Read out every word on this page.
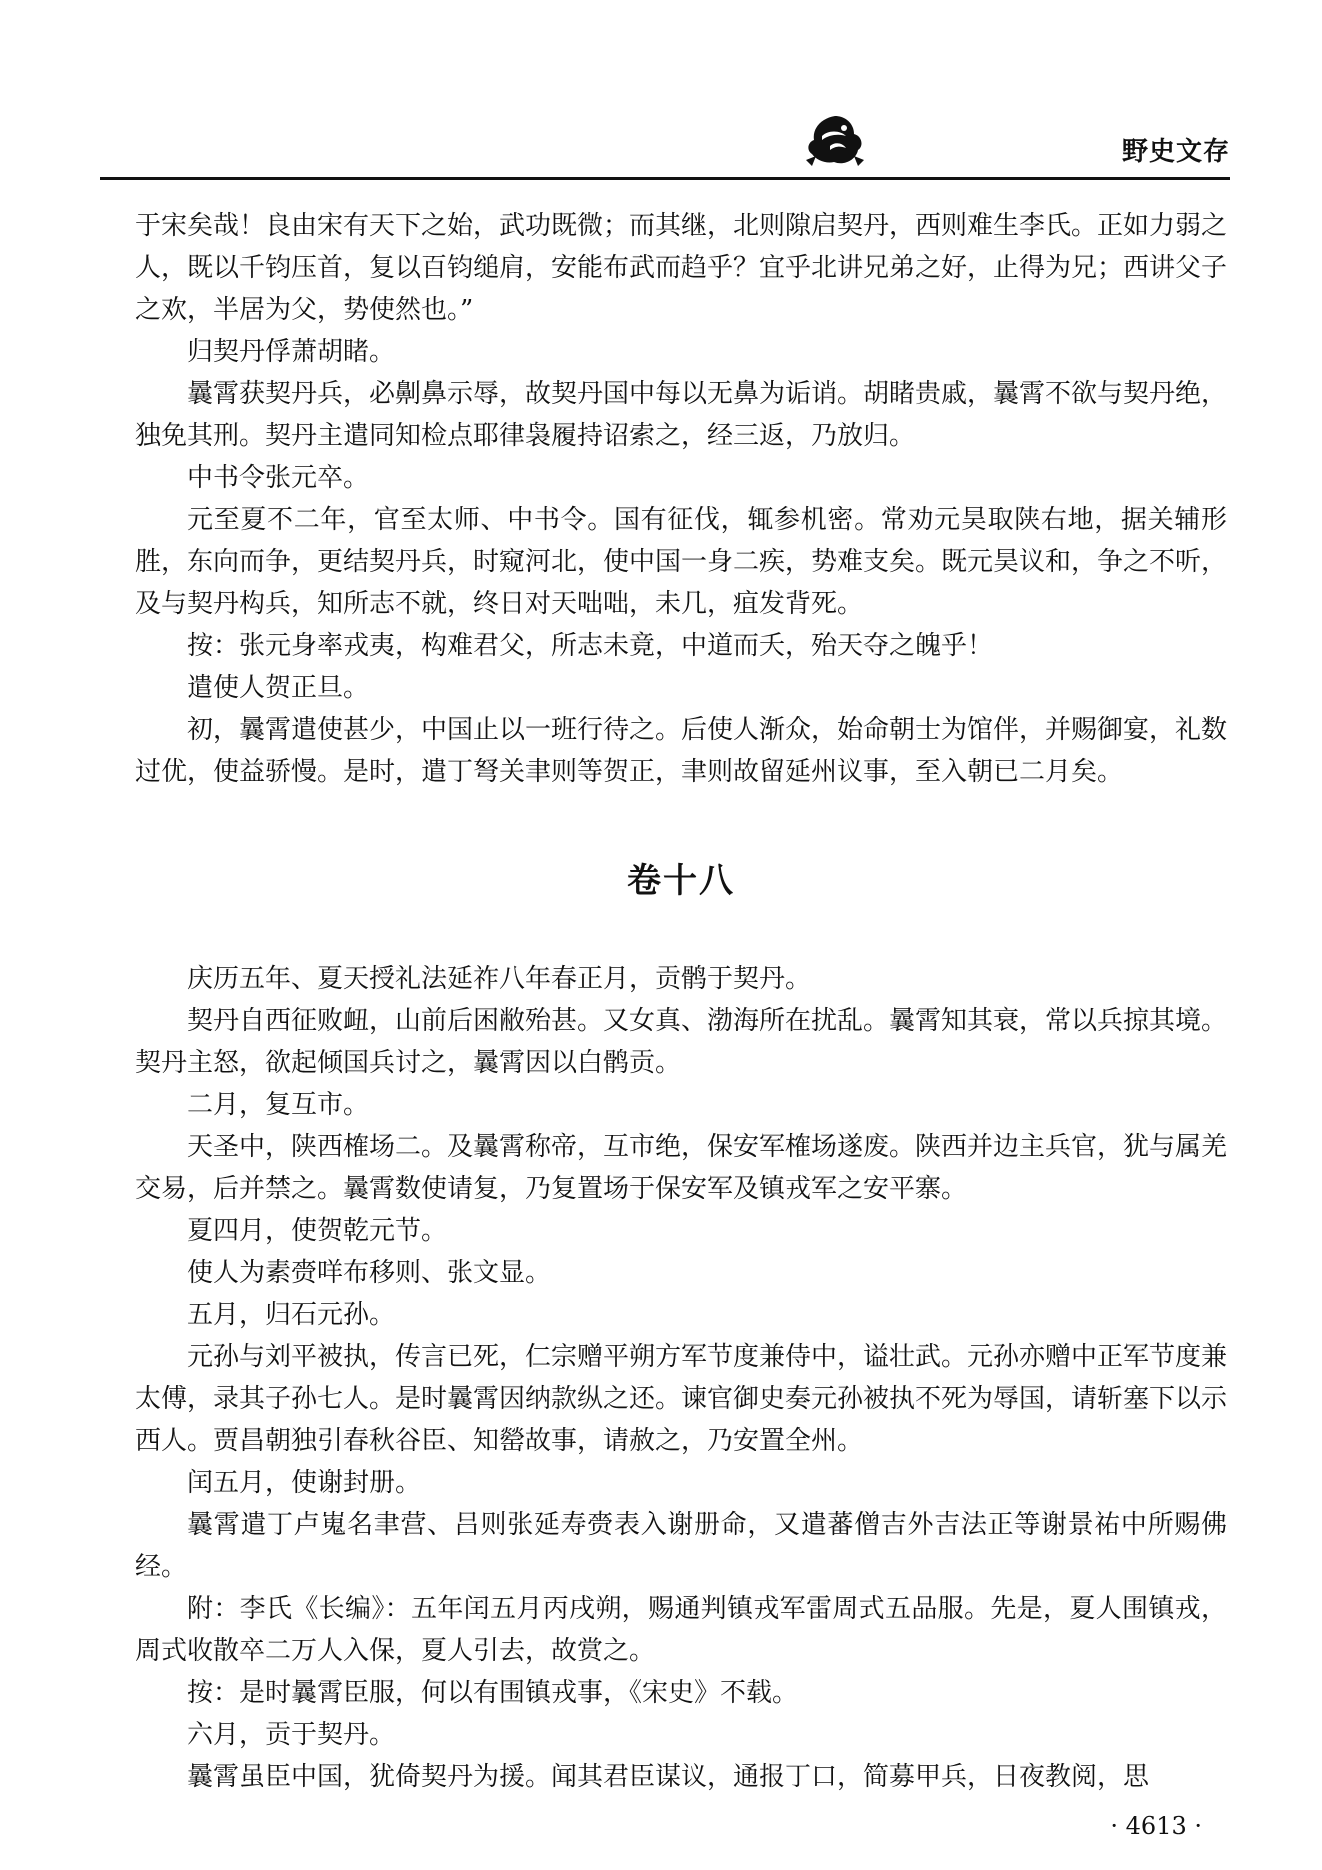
野史文存

于宋矣哉！良由宋有天下之始，武功既微；而其继，北则隙启契丹，西则难生李氏。正如力弱之人，既以千钧压首，复以百钧缒肩，安能布武而趋乎？宜乎北讲兄弟之好，止得为兄；西讲父子之欢，半居为父，势使然也。”

归契丹俘萧胡睹。

曩霄获契丹兵，必劓鼻示辱，故契丹国中每以无鼻为诟诮。胡睹贵戚，曩霄不欲与契丹绝，独免其刑。契丹主遣同知检点耶律袅履持诏索之，经三返，乃放归。

中书令张元卒。

元至夏不二年，官至太师、中书令。国有征伐，辄参机密。常劝元昊取陕右地，据关辅形胜，东向而争，更结契丹兵，时窥河北，使中国一身二疾，势难支矣。既元昊议和，争之不听，及与契丹构兵，知所志不就，终日对天咄咄，未几，疽发背死。

按：张元身率戎夷，构难君父，所志未竟，中道而夭，殆天夺之魄乎！

遣使人贺正旦。

初，曩霄遣使甚少，中国止以一班行待之。后使人渐众，始命朝士为馆伴，并赐御宴，礼数过优，使益骄慢。是时，遣丁弩关聿则等贺正，聿则故留延州议事，至入朝已二月矣。

卷十八

庆历五年、夏天授礼法延祚八年春正月，贡鹘于契丹。

契丹自西征败衄，山前后困敝殆甚。又女真、渤海所在扰乱。曩霄知其衰，常以兵掠其境。契丹主怒，欲起倾国兵讨之，曩霄因以白鹘贡。

二月，复互市。

天圣中，陕西榷场二。及曩霄称帝，互市绝，保安军榷场遂废。陕西并边主兵官，犹与属羌交易，后并禁之。曩霄数使请复，乃复置场于保安军及镇戎军之安平寨。

夏四月，使贺乾元节。

使人为素赍咩布移则、张文显。

五月，归石元孙。

元孙与刘平被执，传言已死，仁宗赠平朔方军节度兼侍中，谥壮武。元孙亦赠中正军节度兼太傅，录其子孙七人。是时曩霄因纳款纵之还。谏官御史奏元孙被执不死为辱国，请斩塞下以示西人。贾昌朝独引春秋谷臣、知罃故事，请赦之，乃安置全州。

闰五月，使谢封册。

曩霄遣丁卢嵬名聿营、吕则张延寿赍表入谢册命，又遣蕃僧吉外吉法正等谢景祐中所赐佛经。

附：李氏《长编》：五年闰五月丙戌朔，赐通判镇戎军雷周式五品服。先是，夏人围镇戎，周式收散卒二万人入保，夏人引去，故赏之。

按：是时曩霄臣服，何以有围镇戎事，《宋史》不载。

六月，贡于契丹。

曩霄虽臣中国，犹倚契丹为援。闻其君臣谋议，通报丁口，简募甲兵，日夜教阅，思

· 4613 ·
